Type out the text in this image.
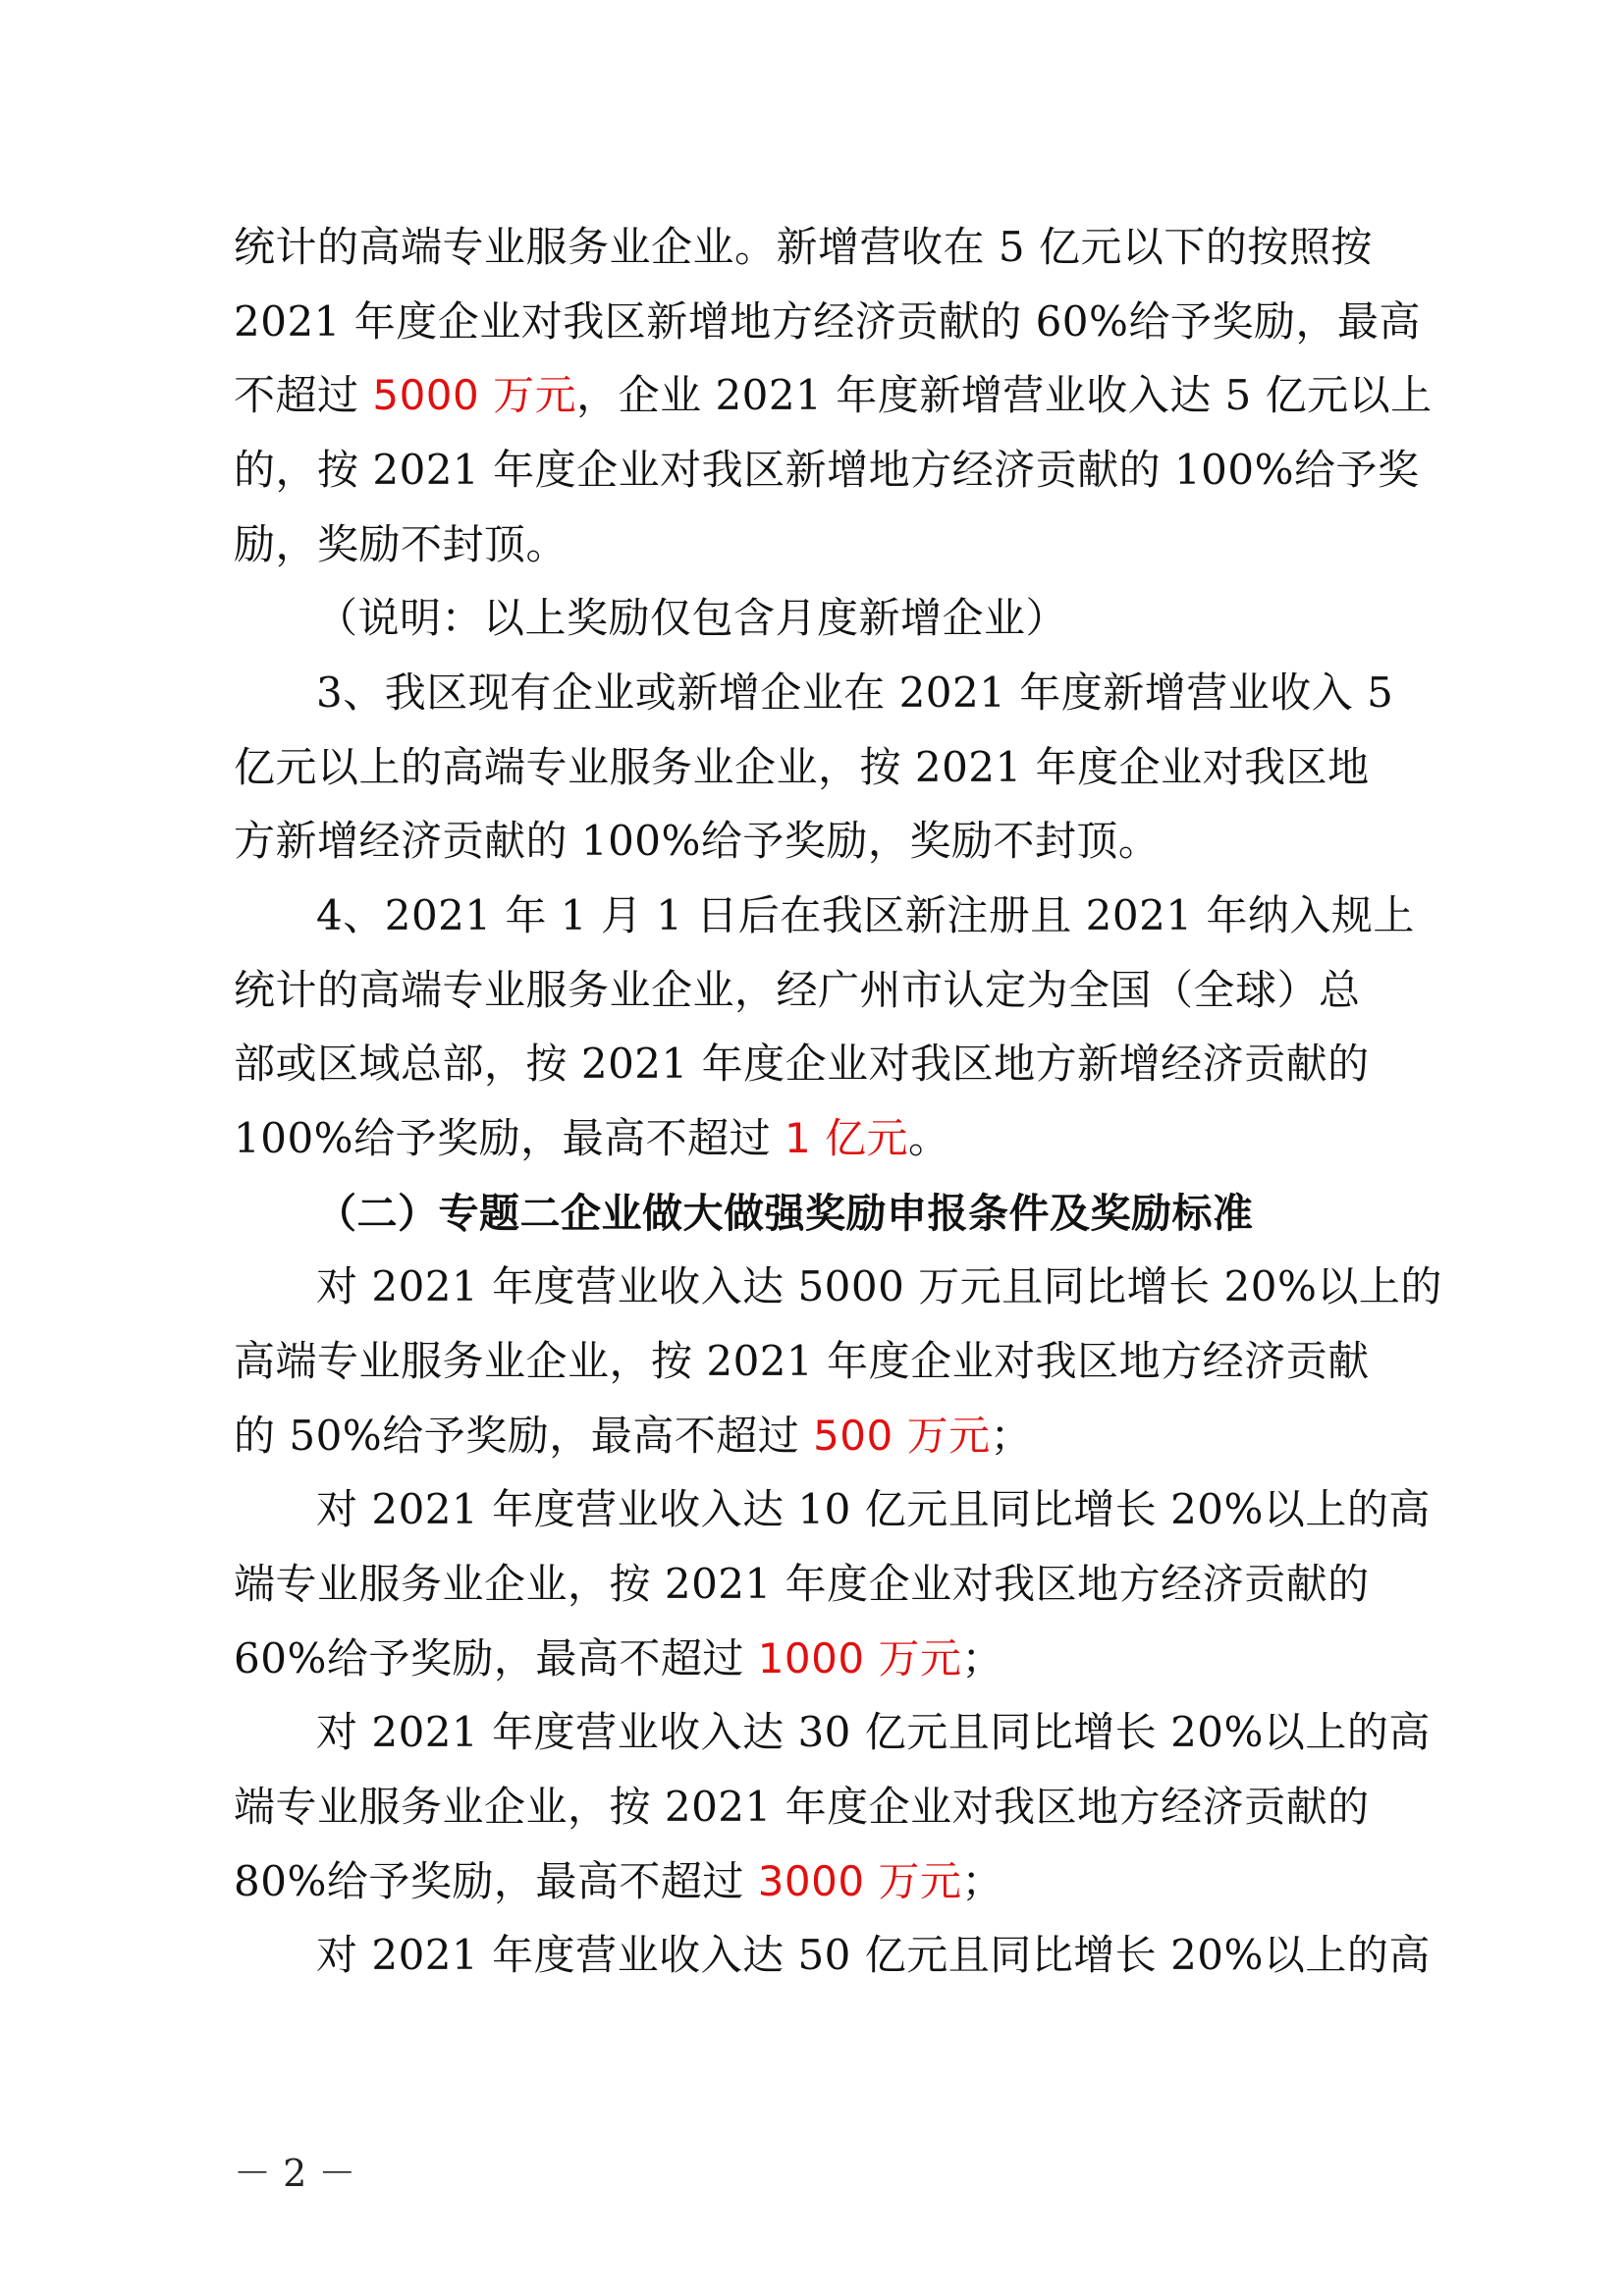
统计的高端专业服务业企业。新增营收在 5 亿元以下的按照按
2021 年度企业对我区新增地方经济贡献的 60%给予奖励，最高
不超过 5000 万元，企业 2021 年度新增营业收入达 5 亿元以上
的，按 2021 年度企业对我区新增地方经济贡献的 100%给予奖
励，奖励不封顶。
（说明：以上奖励仅包含月度新增企业）
3、我区现有企业或新增企业在 2021 年度新增营业收入 5
亿元以上的高端专业服务业企业，按 2021 年度企业对我区地
方新增经济贡献的 100%给予奖励，奖励不封顶。
4、2021 年 1 月 1 日后在我区新注册且 2021 年纳入规上
统计的高端专业服务业企业，经广州市认定为全国（全球）总
部或区域总部，按 2021 年度企业对我区地方新增经济贡献的
100%给予奖励，最高不超过 1 亿元。
（二）专题二企业做大做强奖励申报条件及奖励标准
对 2021 年度营业收入达 5000 万元且同比增长 20%以上的
高端专业服务业企业，按 2021 年度企业对我区地方经济贡献
的 50%给予奖励，最高不超过 500 万元；
对 2021 年度营业收入达 10 亿元且同比增长 20%以上的高
端专业服务业企业，按 2021 年度企业对我区地方经济贡献的
60%给予奖励，最高不超过 1000 万元；
对 2021 年度营业收入达 30 亿元且同比增长 20%以上的高
端专业服务业企业，按 2021 年度企业对我区地方经济贡献的
80%给予奖励，最高不超过 3000 万元；
对 2021 年度营业收入达 50 亿元且同比增长 20%以上的高
－ 2 －
